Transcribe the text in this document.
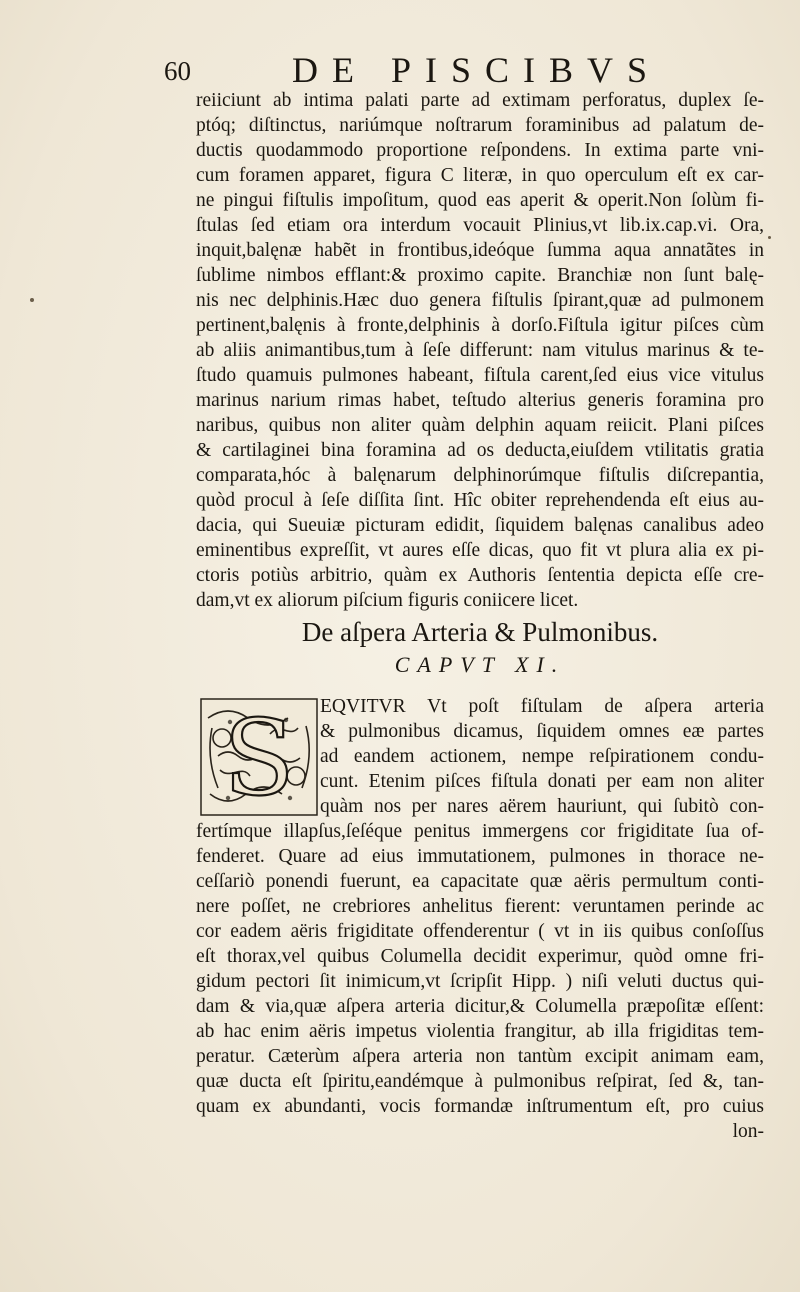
60	DE PISCIBVS
reiiciunt ab intima palati parte ad extimam perforatus, duplex ſe-
ptóq; diſtinctus, nariúmque noſtrarum foraminibus ad palatum de-
ductis quodammodo proportione reſpondens. In extima parte vni-
cum foramen apparet, figura C literæ, in quo operculum eſt ex car-
ne pingui fiſtulis impoſitum, quod eas aperit & operit.Non ſolùm fi-
ſtulas ſed etiam ora interdum vocauit Plinius,vt lib.ix.cap.vi. Ora,
inquit,balęnæ habẽt in frontibus,ideóque ſumma aqua annatãtes in
ſublime nimbos efflant:& proximo capite. Branchiæ non ſunt balę-
nis nec delphinis.Hæc duo genera fiſtulis ſpirant,quæ ad pulmonem
pertinent,balęnis à fronte,delphinis à dorſo.Fiſtula igitur piſces cùm
ab aliis animantibus,tum à ſeſe differunt: nam vitulus marinus & te-
ſtudo quamuis pulmones habeant, fiſtula carent,ſed eius vice vitulus
marinus narium rimas habet, teſtudo alterius generis foramina pro
naribus, quibus non aliter quàm delphin aquam reiicit. Plani piſces
& cartilaginei bina foramina ad os deducta,eiuſdem vtilitatis gratia
comparata,hóc à balęnarum delphinorúmque fiſtulis diſcrepantia,
quòd procul à ſeſe diſſita ſint. Hîc obiter reprehendenda eſt eius au-
dacia, qui Sueuiæ picturam edidit, ſiquidem balęnas canalibus adeo
eminentibus expreſſit, vt aures eſſe dicas, quo fit vt plura alia ex pi-
ctoris potiùs arbitrio, quàm ex Authoris ſententia depicta eſſe cre-
dam,vt ex aliorum piſcium figuris coniicere licet.
De aſpera Arteria & Pulmonibus.
CAPVT XI.
S EQVITVR Vt poſt fiſtulam de aſpera arteria
& pulmonibus dicamus, ſiquidem omnes eæ partes
ad eandem actionem, nempe reſpirationem condu-
cunt. Etenim piſces fiſtula donati per eam non aliter
quàm nos per nares aërem hauriunt, qui ſubitò con-
fertímque illapſus,ſeſéque penitus immergens cor frigiditate ſua of-
fenderet. Quare ad eius immutationem, pulmones in thorace ne-
ceſſariò ponendi fuerunt, ea capacitate quæ aëris permultum conti-
nere poſſet, ne crebriores anhelitus fierent: veruntamen perinde ac
cor eadem aëris frigiditate offenderentur ( vt in iis quibus conſoſſus
eſt thorax,vel quibus Columella decidit experimur, quòd omne fri-
gidum pectori ſit inimicum,vt ſcripſit Hipp. ) niſi veluti ductus qui-
dam & via,quæ aſpera arteria dicitur,& Columella præpoſitæ eſſent:
ab hac enim aëris impetus violentia frangitur, ab illa frigiditas tem-
peratur. Cæterùm aſpera arteria non tantùm excipit animam eam,
quæ ducta eſt ſpiritu,eandémque à pulmonibus reſpirat, ſed &, tan-
quam ex abundanti, vocis formandæ inſtrumentum eſt, pro cuius
lon-
